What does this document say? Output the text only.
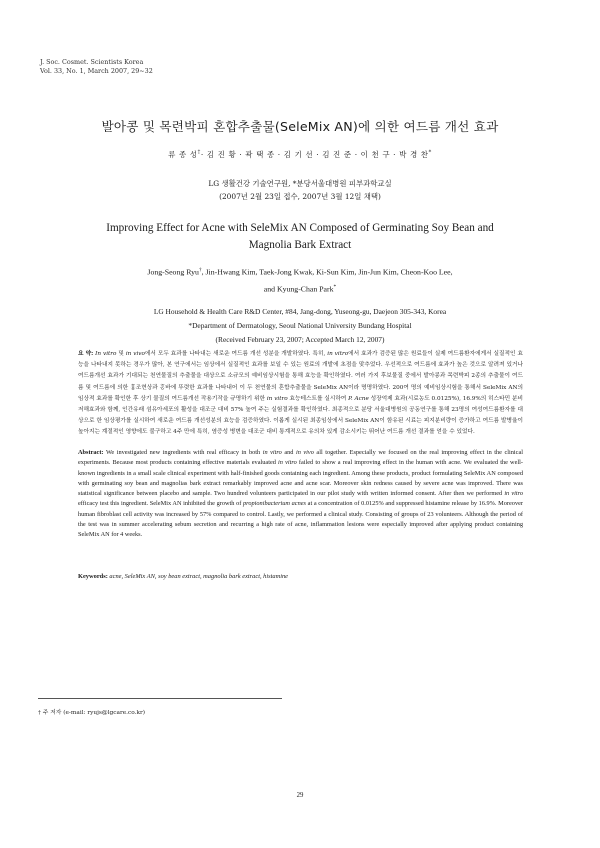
J. Soc. Cosmet. Scientists Korea
Vol. 33, No. 1, March 2007, 29~32
발아콩 및 목련박피 혼합추출물(SeleMix AN)에 의한 여드름 개선 효과
류 종 성†· 김 진 황 · 곽 택 종 · 김 기 선 · 김 진 준 · 이 천 구 · 박 경 찬*
LG 생활건강 기술연구원, *분당서울대병원 피부과학교실
(2007년 2월 23일 접수, 2007년 3월 12일 채택)
Improving Effect for Acne with SeleMix AN Composed of Germinating Soy Bean and
Magnolia Bark Extract
Jong-Seong Ryu†, Jin-Hwang Kim, Taek-Jong Kwak, Ki-Sun Kim, Jin-Jun Kim, Cheon-Koo Lee,
and Kyung-Chan Park*
LG Household & Health Care R&D Center, #84, Jang-dong, Yuseong-gu, Daejeon 305-343, Korea
*Department of Dermatology, Seoul National University Bundang Hospital
(Received February 23, 2007; Accepted March 12, 2007)
요 약: In vitro 및 in vivo에서 모두 효과를 나타내는 새로운 여드름 개선 성분을 개발하였다. 특히, in vitro에서 효과가 검증된 많은 원료들이 실제 여드름환자에게서 실질적인 효능을 나타내지 못하는 경우가 많아, 본 연구에서는 임상에서 실질적인 효과를 보일 수 있는 원료의 개발에 초점을 맞추었다. 우선적으로 여드름에 효과가 높은 것으로 알려져 있거나 여드름개선 효과가 기대되는 천연물질의 추출물을 대상으로 소규모의 예비임상시험을 통해 효능을 확인하였다. 여러 가지 후보물질 중에서 발아콩과 목련박피 2종의 추출물이 여드름 및 여드름에 의한 흉조현상과 홍바에 뚜렷한 효과를 나타내어 이 두 천연물의 혼합추출물을 SeleMix AN이라 명명하였다. 200여 명의 예비임상시험을 통해서 SeleMix AN의 임상적 효과를 확인한 후 상기 물질의 여드름개선 작용기작을 규명하기 위한 in vitro 효능테스트를 실시하여 P. Acne 성장억제 효과(시료농도 0.0125%), 16.9%의 히스타민 분비저해효과와 함께, 인간유래 섬유아세포의 활성을 대조군 대비 57% 높여 주는 실험결과를 확인하였다. 최종적으로 분당 서울대병원의 공동연구를 통해 23명의 여성여드름환자를 대상으로 한 임상평가를 실시하여 새로운 여드름 개선성분의 효능을 검증하였다. 이롭게 실시된 최종임상에서 SeleMix AN이 함유된 시료는 피지분비량이 증가하고 여드름 발병율이 높아지는 계절적인 영향에도 불구하고 4주 만에 특히, 염증성 병변을 대조군 대비 통계적으로 유의차 있게 감소시키는 뛰어난 여드름 개선 결과를 얻을 수 있었다.
Abstract: We investigated new ingredients with real efficacy in both in vitro and in vivo all together. Especially we focused on the real improving effect in the clinical experiments. Because most products containing effective materials evaluated in vitro failed to show a real improving effect in the human with acne. We evaluated the well-known ingredients in a small scale clinical experiment with half-finished goods containing each ingredient. Among these products, product formulating SeleMix AN composed with germinating soy bean and magnolias bark extract remarkably improved acne and acne scar. Moreover skin redness caused by severe acne was improved. There was statistical significance between placebo and sample. Two hundred volunteers participated in our pilot study with written informed consent. After then we performed in vitro efficacy test this ingredient. SeleMix AN inhibited the growth of propionibacterium acnes at a concentration of 0.0125% and suppressed histamine release by 16.9%. Moreover human fibroblast cell activity was increased by 57% compared to control. Lastly, we performed a clinical study. Consisting of groups of 23 volunteers. Although the period of the test was in summer accelerating sebum secretion and recurring a high rate of acne, inflammation lesions were especially improved after applying product containing SeleMix AN for 4 weeks.
Keywords: acne, SeleMix AN, soy bean extract, magnolia bark extract, histamine
† 주 저자 (e-mail: ryujs@lgcare.co.kr)
29
